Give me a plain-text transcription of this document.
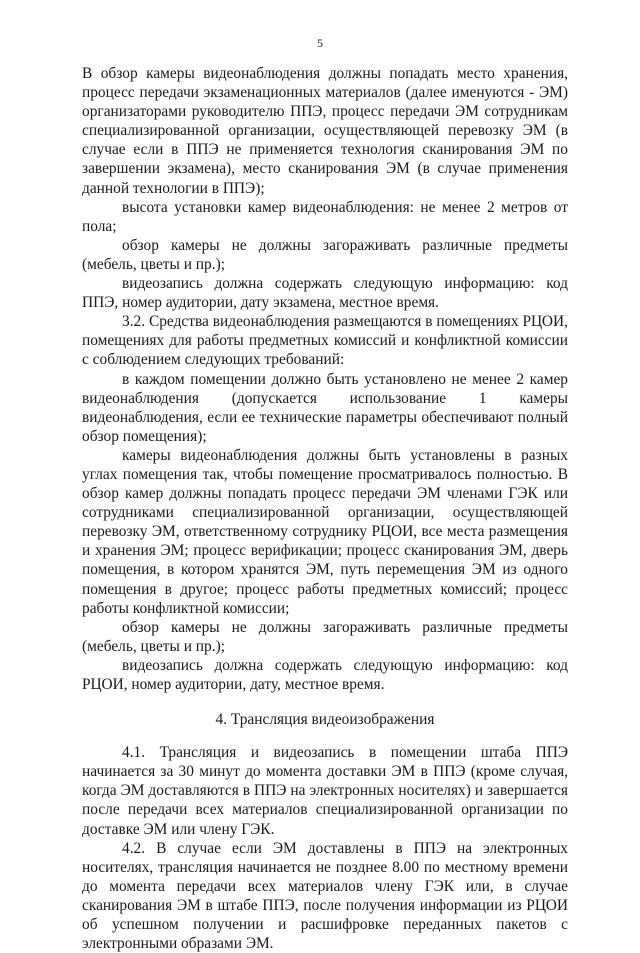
5

В обзор камеры видеонаблюдения должны попадать место хранения, процесс передачи экзаменационных материалов (далее именуются - ЭМ) организаторами руководителю ППЭ, процесс передачи ЭМ сотрудникам специализированной организации, осуществляющей перевозку ЭМ (в случае если в ППЭ не применяется технология сканирования ЭМ по завершении экзамена), место сканирования ЭМ (в случае применения данной технологии в ППЭ);

высота установки камер видеонаблюдения: не менее 2 метров от пола;

обзор камеры не должны загораживать различные предметы (мебель, цветы и пр.);

видеозапись должна содержать следующую информацию: код ППЭ, номер аудитории, дату экзамена, местное время.

3.2. Средства видеонаблюдения размещаются в помещениях РЦОИ, помещениях для работы предметных комиссий и конфликтной комиссии с соблюдением следующих требований:

в каждом помещении должно быть установлено не менее 2 камер видеонаблюдения (допускается использование 1 камеры видеонаблюдения, если ее технические параметры обеспечивают полный обзор помещения);

камеры видеонаблюдения должны быть установлены в разных углах помещения так, чтобы помещение просматривалось полностью. В обзор камер должны попадать процесс передачи ЭМ членами ГЭК или сотрудниками специализированной организации, осуществляющей перевозку ЭМ, ответственному сотруднику РЦОИ, все места размещения и хранения ЭМ; процесс верификации; процесс сканирования ЭМ, дверь помещения, в котором хранятся ЭМ, путь перемещения ЭМ из одного помещения в другое; процесс работы предметных комиссий; процесс работы конфликтной комиссии;

обзор камеры не должны загораживать различные предметы (мебель, цветы и пр.);

видеозапись должна содержать следующую информацию: код РЦОИ, номер аудитории, дату, местное время.

4. Трансляция видеоизображения

4.1. Трансляция и видеозапись в помещении штаба ППЭ начинается за 30 минут до момента доставки ЭМ в ППЭ (кроме случая, когда ЭМ доставляются в ППЭ на электронных носителях) и завершается после передачи всех материалов специализированной организации по доставке ЭМ или члену ГЭК.

4.2. В случае если ЭМ доставлены в ППЭ на электронных носителях, трансляция начинается не позднее 8.00 по местному времени до момента передачи всех материалов члену ГЭК или, в случае сканирования ЭМ в штабе ППЭ, после получения информации из РЦОИ об успешном получении и расшифровке переданных пакетов с электронными образами ЭМ.
